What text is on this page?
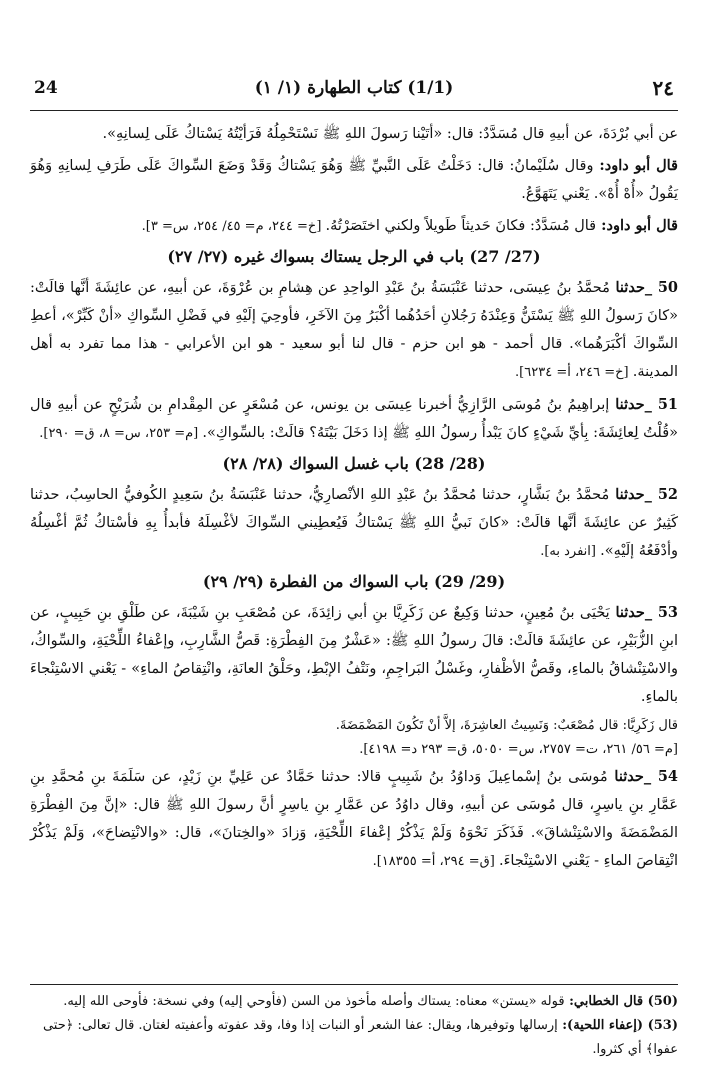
٢٤
(1/1) كتاب الطهارة (١/ ١)
24
عن أبي بُرْدَةَ، عن أبيهِ قال مُسَدَّدٌ: قال: «أتَيْنا رَسولَ اللهِ ﷺ نَسْتَحْمِلُهُ فَرَأيْتُهُ يَسْتاكُ عَلَى لِسانِهِ».
قال أبو داود: وقال سُلَيْمانُ: قال: دَخَلْتُ عَلَى النَّبيِّ ﷺ وَهُوَ يَسْتاكُ وَقَدْ وَضَعَ السِّواكَ عَلَى طَرَفِ لِسانِهِ وَهُوَ يَقُولُ «أُهْ أُهْ». يَعْني يَتَهَوَّعُ.
قال أبو داود: قال مُسَدَّدٌ: فكانَ حَديثاً طَويلاً ولكني اختَصَرْتُهُ. [خ= ٢٤٤، م= ٤٥/ ٢٥٤، س= ٣].
(27/ 27) باب في الرجل يستاك بسواك غيره (٢٧/ ٢٧)
50 _حدثنا مُحمَّدُ بنُ عِيسَى، حدثنا عَنْبَسَةُ بنُ عَبْدِ الواحِدِ عن هِشامِ بن عُرْوَةَ، عن أبيهِ، عن عائِشَةَ أنَّها قالَتْ: «كانَ رَسولُ اللهِ ﷺ يَسْتَنُّ وَعِنْدَهُ رَجُلانِ أحَدُهُما أكْبَرُ مِنَ الآخَرِ، فأوحِيَ إلَيْهِ في فَضْلِ السِّواكِ «أنْ كَبِّرْ»، أعطِ السِّواكَ أكْبَرَهُما». قال أحمد - هو ابن حزم - قال لنا أبو سعيد - هو ابن الأعرابي - هذا مما تفرد به أهل المدينة. [خ= ٢٤٦، أ= ٦٢٣٤].
51 _حدثنا إبراهِيمُ بنُ مُوسَى الرَّازِيُّ أخبرنا عِيسَى بن يونس، عن مُسْعَرٍ عن المِقْدامِ بن شُرَيْحٍ عن أبيهِ قال «قُلْتُ لِعائِشَةَ: بِأيِّ شَيْءٍ كانَ يَبْدأُ رسولُ اللهِ ﷺ إذا دَخَلَ بَيْتَهُ؟ قالَتْ: بالسِّواكِ». [م= ٢٥٣، س= ٨، ق= ٢٩٠].
(28/ 28) باب غسل السواك (٢٨/ ٢٨)
52 _حدثنا مُحمَّدُ بنُ بَشَّارٍ، حدثنا مُحمَّدُ بنُ عَبْدِ اللهِ الأنْصارِيُّ، حدثنا عَنْبَسَةُ بنُ سَعِيدٍ الكُوفيُّ الحاسِبُ، حدثنا كَثِيرٌ عن عائِشَةَ أنَّها قالَتْ: «كانَ نَبيُّ اللهِ ﷺ يَسْتاكُ فَيُعطِيني السِّواكَ لأغْسِلَهُ فأبدأُ بِهِ فأسْتاكُ ثُمَّ أغْسِلُهُ وأدْفَعُهُ إلَيْهِ». [انفرد به].
(29/ 29) باب السواك من الفطرة (٢٩/ ٢٩)
53 _حدثنا يَحْيَى بنُ مُعِينٍ، حدثنا وَكِيعٌ عن زَكَرِيَّا بنِ أبي زائِدَةَ، عن مُصْعَبِ بنِ شَيْبَةَ، عن طَلْقِ بنِ حَبِيبٍ، عن ابنِ الزُّبَيْرِ، عن عائِشَةَ قالَتْ: قالَ رسولُ اللهِ ﷺ: «عَشْرٌ مِنَ الفِطْرَةِ: قَصُّ الشَّارِبِ، وإعْفاءُ اللِّحْيَةِ، والسِّواكُ، والاسْتِنْشاقُ بالماءِ، وقَصُّ الأظْفارِ، وغَسْلُ البَراجِمِ، ونَتْفُ الإبْطِ، وحَلْقُ العانَةِ، وانْتِقاصُ الماءِ» - يَعْني الاسْتِنْجاءَ بالماءِ.
قال زَكَرِيَّا: قال مُصْعَبٌ: وَنَسِيتُ العاشِرَةَ، إلاَّ أنْ تَكُونَ المَضْمَضَةَ.
[م= ٥٦/ ٢٦١، ت= ٢٧٥٧، س= ٥٠٥٠، ق= ٢٩٣ د= ٤١٩٨].
54 _حدثنا مُوسَى بنُ إسْماعِيلَ وَداوُدُ بنُ شَبِيبٍ قالا: حدثنا حَمَّادٌ عن عَلِيِّ بنِ زَيْدٍ، عن سَلَمَةَ بنِ مُحمَّدِ بنِ عَمَّارِ بنِ ياسِرٍ، قال مُوسَى عن أبيهِ، وقال داوُدُ عن عَمَّارِ بنِ ياسِرٍ أنَّ رسولَ اللهِ ﷺ قال: «إنَّ مِنَ الفِطْرَةِ المَضْمَضَةَ والاسْتِنْشاقَ». فَذَكَرَ نَحْوَهُ وَلَمْ يَذْكُرْ إعْفاءَ اللِّحْيَةِ، وَزادَ «والخِتانَ»، قال: «والانْتِضاحَ»، وَلَمْ يَذْكُرْ انْتِقاصَ الماءِ - يَعْني الاسْتِنْجاءَ. [ق= ٢٩٤، أ= ١٨٣٥٥].
(50) قال الخطابي: قوله «يستن» معناه: يستاك وأصله مأخوذ من السن (فأوحي إليه) وفي نسخة: فأوحى الله إليه.
(53) (إعفاء اللحية): إرسالها وتوفيرها، ويقال: عفا الشعر أو النبات إذا وفا، وقد عفوته وأعفيته لغتان. قال تعالى: ﴿حتى عفوا﴾ أي كثروا.
